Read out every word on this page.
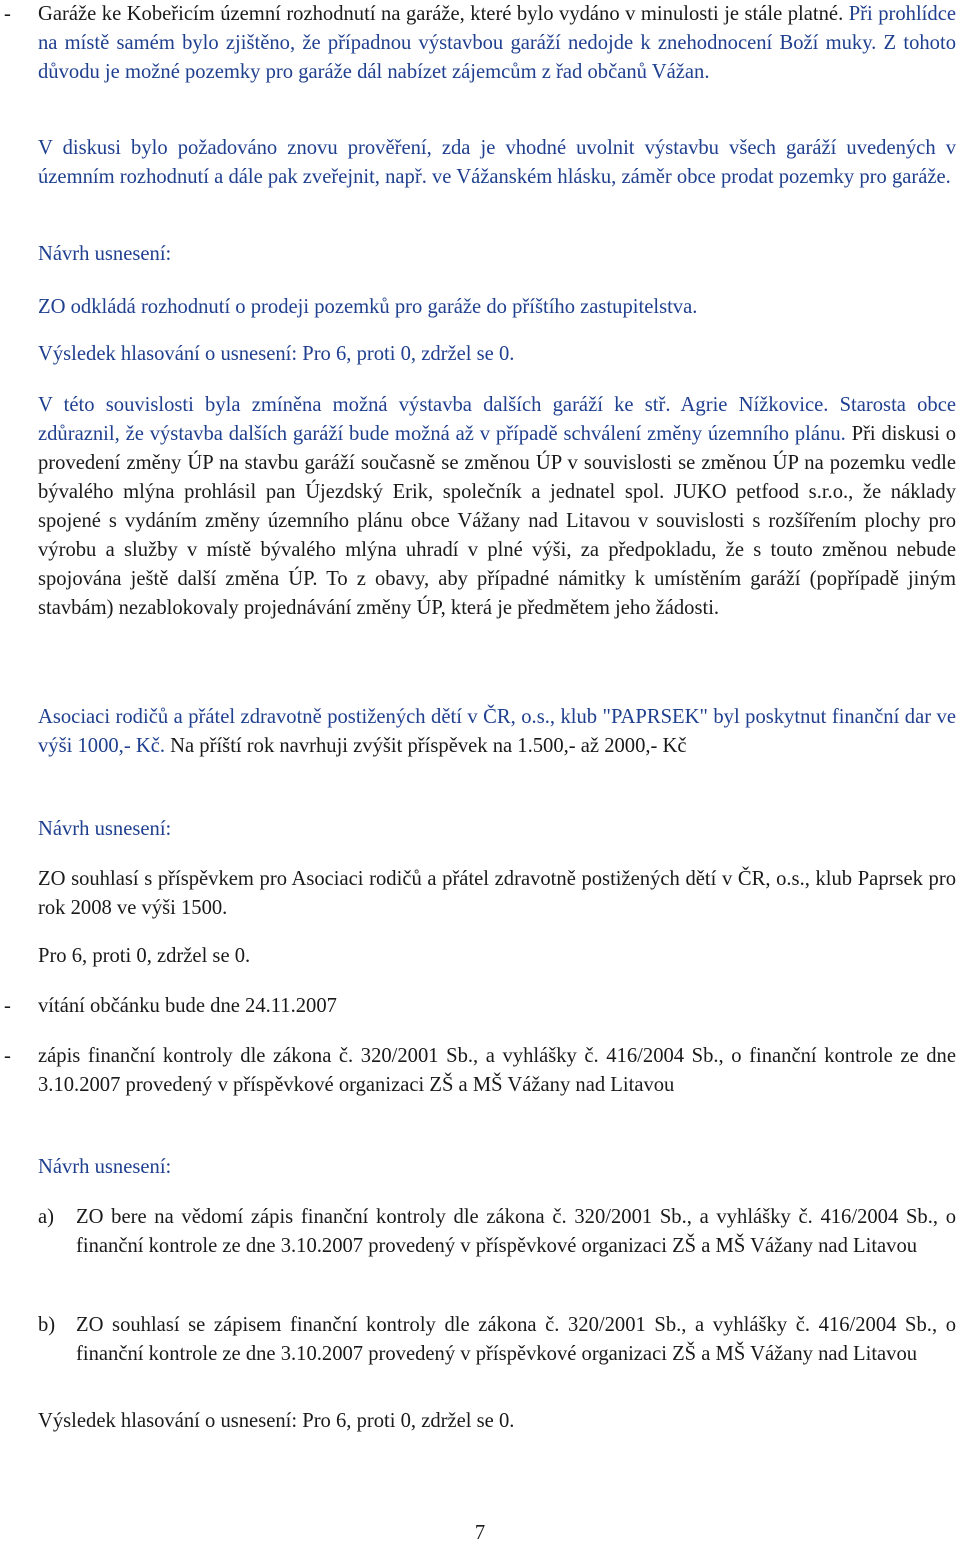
- Garáže ke Kobeřicím územní rozhodnutí na garáže, které bylo vydáno v minulosti je stále platné. Při prohlídce na místě samém bylo zjištěno, že případnou výstavbou garáží nedojde k znehodnocení Boží muky. Z tohoto důvodu je možné pozemky pro garáže dál nabízet zájemcům z řad občanů Vážan.
V diskusi bylo požadováno znovu prověření, zda je vhodné uvolnit výstavbu všech garáží uvedených v územním rozhodnutí a dále pak zveřejnit, např. ve Vážanském hlásku, záměr obce prodat pozemky pro garáže.
Návrh usnesení:
ZO odkládá rozhodnutí o prodeji pozemků pro garáže do příštího zastupitelstva.
Výsledek hlasování o usnesení: Pro 6, proti 0, zdržel se 0.
V této souvislosti byla zmíněna možná výstavba dalších garáží ke stř. Agrie Nížkovice. Starosta obce zdůraznil, že výstavba dalších garáží bude možná až v případě schválení změny územního plánu. Při diskusi o provedení změny ÚP na stavbu garáží současně se změnou ÚP v souvislosti se změnou ÚP na pozemku vedle bývalého mlýna prohlásil pan Újezdský Erik, společník a jednatel spol. JUKO petfood s.r.o., že náklady spojené s vydáním změny územního plánu obce Vážany nad Litavou v souvislosti s rozšířením plochy pro výrobu a služby v místě bývalého mlýna uhradí v plné výši, za předpokladu, že s touto změnou nebude spojována ještě další změna ÚP. To z obavy, aby případné námitky k umístěním garáží (popřípadě jiným stavbám) nezablokovaly projednávání změny ÚP, která je předmětem jeho žádosti.
Asociaci rodičů a přátel zdravotně postižených dětí v ČR, o.s., klub "PAPRSEK" byl poskytnut finanční dar ve výši 1000,- Kč. Na příští rok navrhuji zvýšit příspěvek na 1.500,- až 2000,- Kč
Návrh usnesení:
ZO souhlasí s příspěvkem pro Asociaci rodičů a přátel zdravotně postižených dětí v ČR, o.s., klub Paprsek pro rok 2008 ve výši 1500.
Pro 6, proti 0, zdržel se 0.
- vítání občánku bude dne 24.11.2007
- zápis finanční kontroly dle zákona č. 320/2001 Sb., a vyhlášky č. 416/2004 Sb., o finanční kontrole ze dne 3.10.2007 provedený v příspěvkové organizaci ZŠ a MŠ Vážany nad Litavou
Návrh usnesení:
a) ZO bere na vědomí zápis finanční kontroly dle zákona č. 320/2001 Sb., a vyhlášky č. 416/2004 Sb., o finanční kontrole ze dne 3.10.2007 provedený v příspěvkové organizaci ZŠ a MŠ Vážany nad Litavou
b) ZO souhlasí se zápisem finanční kontroly dle zákona č. 320/2001 Sb., a vyhlášky č. 416/2004 Sb., o finanční kontrole ze dne 3.10.2007 provedený v příspěvkové organizaci ZŠ a MŠ Vážany nad Litavou
Výsledek hlasování o usnesení: Pro 6, proti 0, zdržel se 0.
7
